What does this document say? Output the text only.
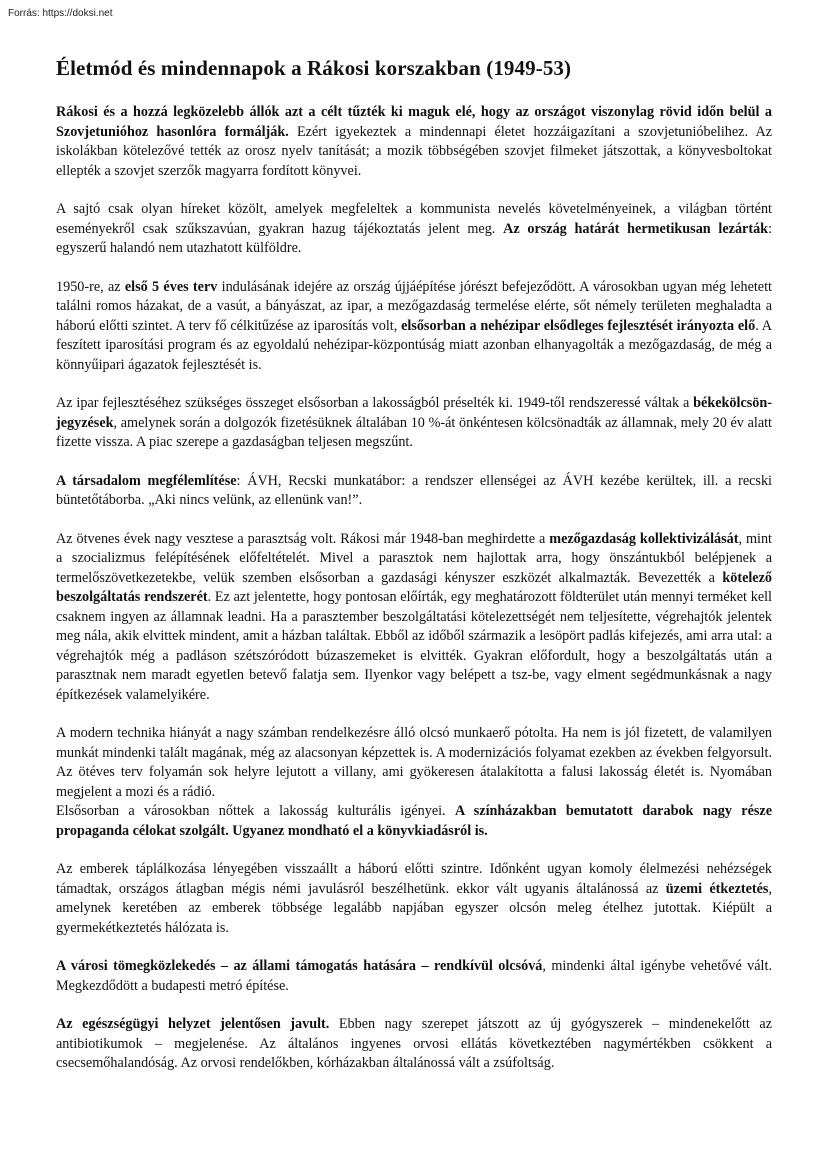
Forrás: https://doksi.net
Életmód és mindennapok a Rákosi korszakban (1949-53)

Rákosi és a hozzá legközelebb állók azt a célt tűzték ki maguk elé, hogy az országot viszonylag rövid időn belül a Szovjetunióhoz hasonlóra formálják. Ezért igyekeztek a mindennapi életet hozzáigazítani a szovjetunióbelihez. Az iskolákban kötelezővé tették az orosz nyelv tanítását; a mozik többségében szovjet filmeket játszottak, a könyvesboltokat ellepték a szovjet szerzők magyarra fordított könyvei.

A sajtó csak olyan híreket közölt, amelyek megfeleltek a kommunista nevelés követelményeinek, a világban történt eseményekről csak szűkszavúan, gyakran hazug tájékoztatás jelent meg. Az ország határát hermetikusan lezárták: egyszerű halandó nem utazhatott külföldre.

1950-re, az első 5 éves terv indulásának idejére az ország újjáépítése jórészt befejeződött. A városokban ugyan még lehetett találni romos házakat, de a vasút, a bányászat, az ipar, a mezőgazdaság termelése elérte, sőt némely területen meghaladta a háború előtti szintet. A terv fő célkitűzése az iparosítás volt, elsősorban a nehézipar elsődleges fejlesztését irányozta elő. A feszített iparosítási program és az egyoldalú nehézipar-központúság miatt azonban elhanyagolták a mezőgazdaság, de még a könnyűipari ágazatok fejlesztését is.

Az ipar fejlesztéséhez szükséges összeget elsősorban a lakosságból préselték ki. 1949-től rendszeressé váltak a békekölcsön-jegyzések, amelynek során a dolgozók fizetésüknek általában 10 %-át önkéntesen kölcsönadták az államnak, mely 20 év alatt fizette vissza. A piac szerepe a gazdaságban teljesen megszűnt.

A társadalom megfélemlítése: ÁVH, Recski munkatábor: a rendszer ellenségei az ÁVH kezébe kerültek, ill. a recski büntetőtáborba. „Aki nincs velünk, az ellenünk van!”.

Az ötvenes évek nagy vesztese a parasztság volt. Rákosi már 1948-ban meghirdette a mezőgazdaság kollektivizálását, mint a szocializmus felépítésének előfeltételét. Mivel a parasztok nem hajlottak arra, hogy önszántukból belépjenek a termelőszövetkezetekbe, velük szemben elsősorban a gazdasági kényszer eszközét alkalmazták. Bevezették a kötelező beszolgáltatás rendszerét. Ez azt jelentette, hogy pontosan előírták, egy meghatározott földterület után mennyi terméket kell csaknem ingyen az államnak leadni. Ha a parasztember beszolgáltatási kötelezettségét nem teljesítette, végrehajtók jelentek meg nála, akik elvittek mindent, amit a házban találtak. Ebből az időből származik a lesöpört padlás kifejezés, ami arra utal: a végrehajtók még a padláson szétszóródott búzaszemeket is elvitték. Gyakran előfordult, hogy a beszolgáltatás után a parasztnak nem maradt egyetlen betevő falatja sem. Ilyenkor vagy belépett a tsz-be, vagy elment segédmunkásnak a nagy építkezések valamelyikére.

A modern technika hiányát a nagy számban rendelkezésre álló olcsó munkaerő pótolta. Ha nem is jól fizetett, de valamilyen munkát mindenki talált magának, még az alacsonyan képzettek is. A modernizációs folyamat ezekben az években felgyorsult. Az ötéves terv folyamán sok helyre lejutott a villany, ami gyökeresen átalakította a falusi lakosság életét is. Nyomában megjelent a mozi és a rádió.

Elsősorban a városokban nőttek a lakosság kulturális igényei. A színházakban bemutatott darabok nagy része propaganda célokat szolgált. Ugyanez mondható el a könyvkiadásról is.

Az emberek táplálkozása lényegében visszaállt a háború előtti szintre. Időnként ugyan komoly élelmezési nehézségek támadtak, országos átlagban mégis némi javulásról beszélhetünk. ekkor vált ugyanis általánossá az üzemi étkeztetés, amelynek keretében az emberek többsége legalább napjában egyszer olcsón meleg ételhez jutottak. Kiépült a gyermekétkeztetés hálózata is.

A városi tömegközlekedés – az állami támogatás hatására – rendkívül olcsóvá, mindenki által igénybe vehetővé vált. Megkezdődött a budapesti metró építése.

Az egészségügyi helyzet jelentősen javult. Ebben nagy szerepet játszott az új gyógyszerek – mindenekelőtt az antibiotikumok – megjelenése. Az általános ingyenes orvosi ellátás következtében nagymértékben csökkent a csecsemőhalandóság. Az orvosi rendelőkben, kórházakban általánossá vált a zsúfoltság.
